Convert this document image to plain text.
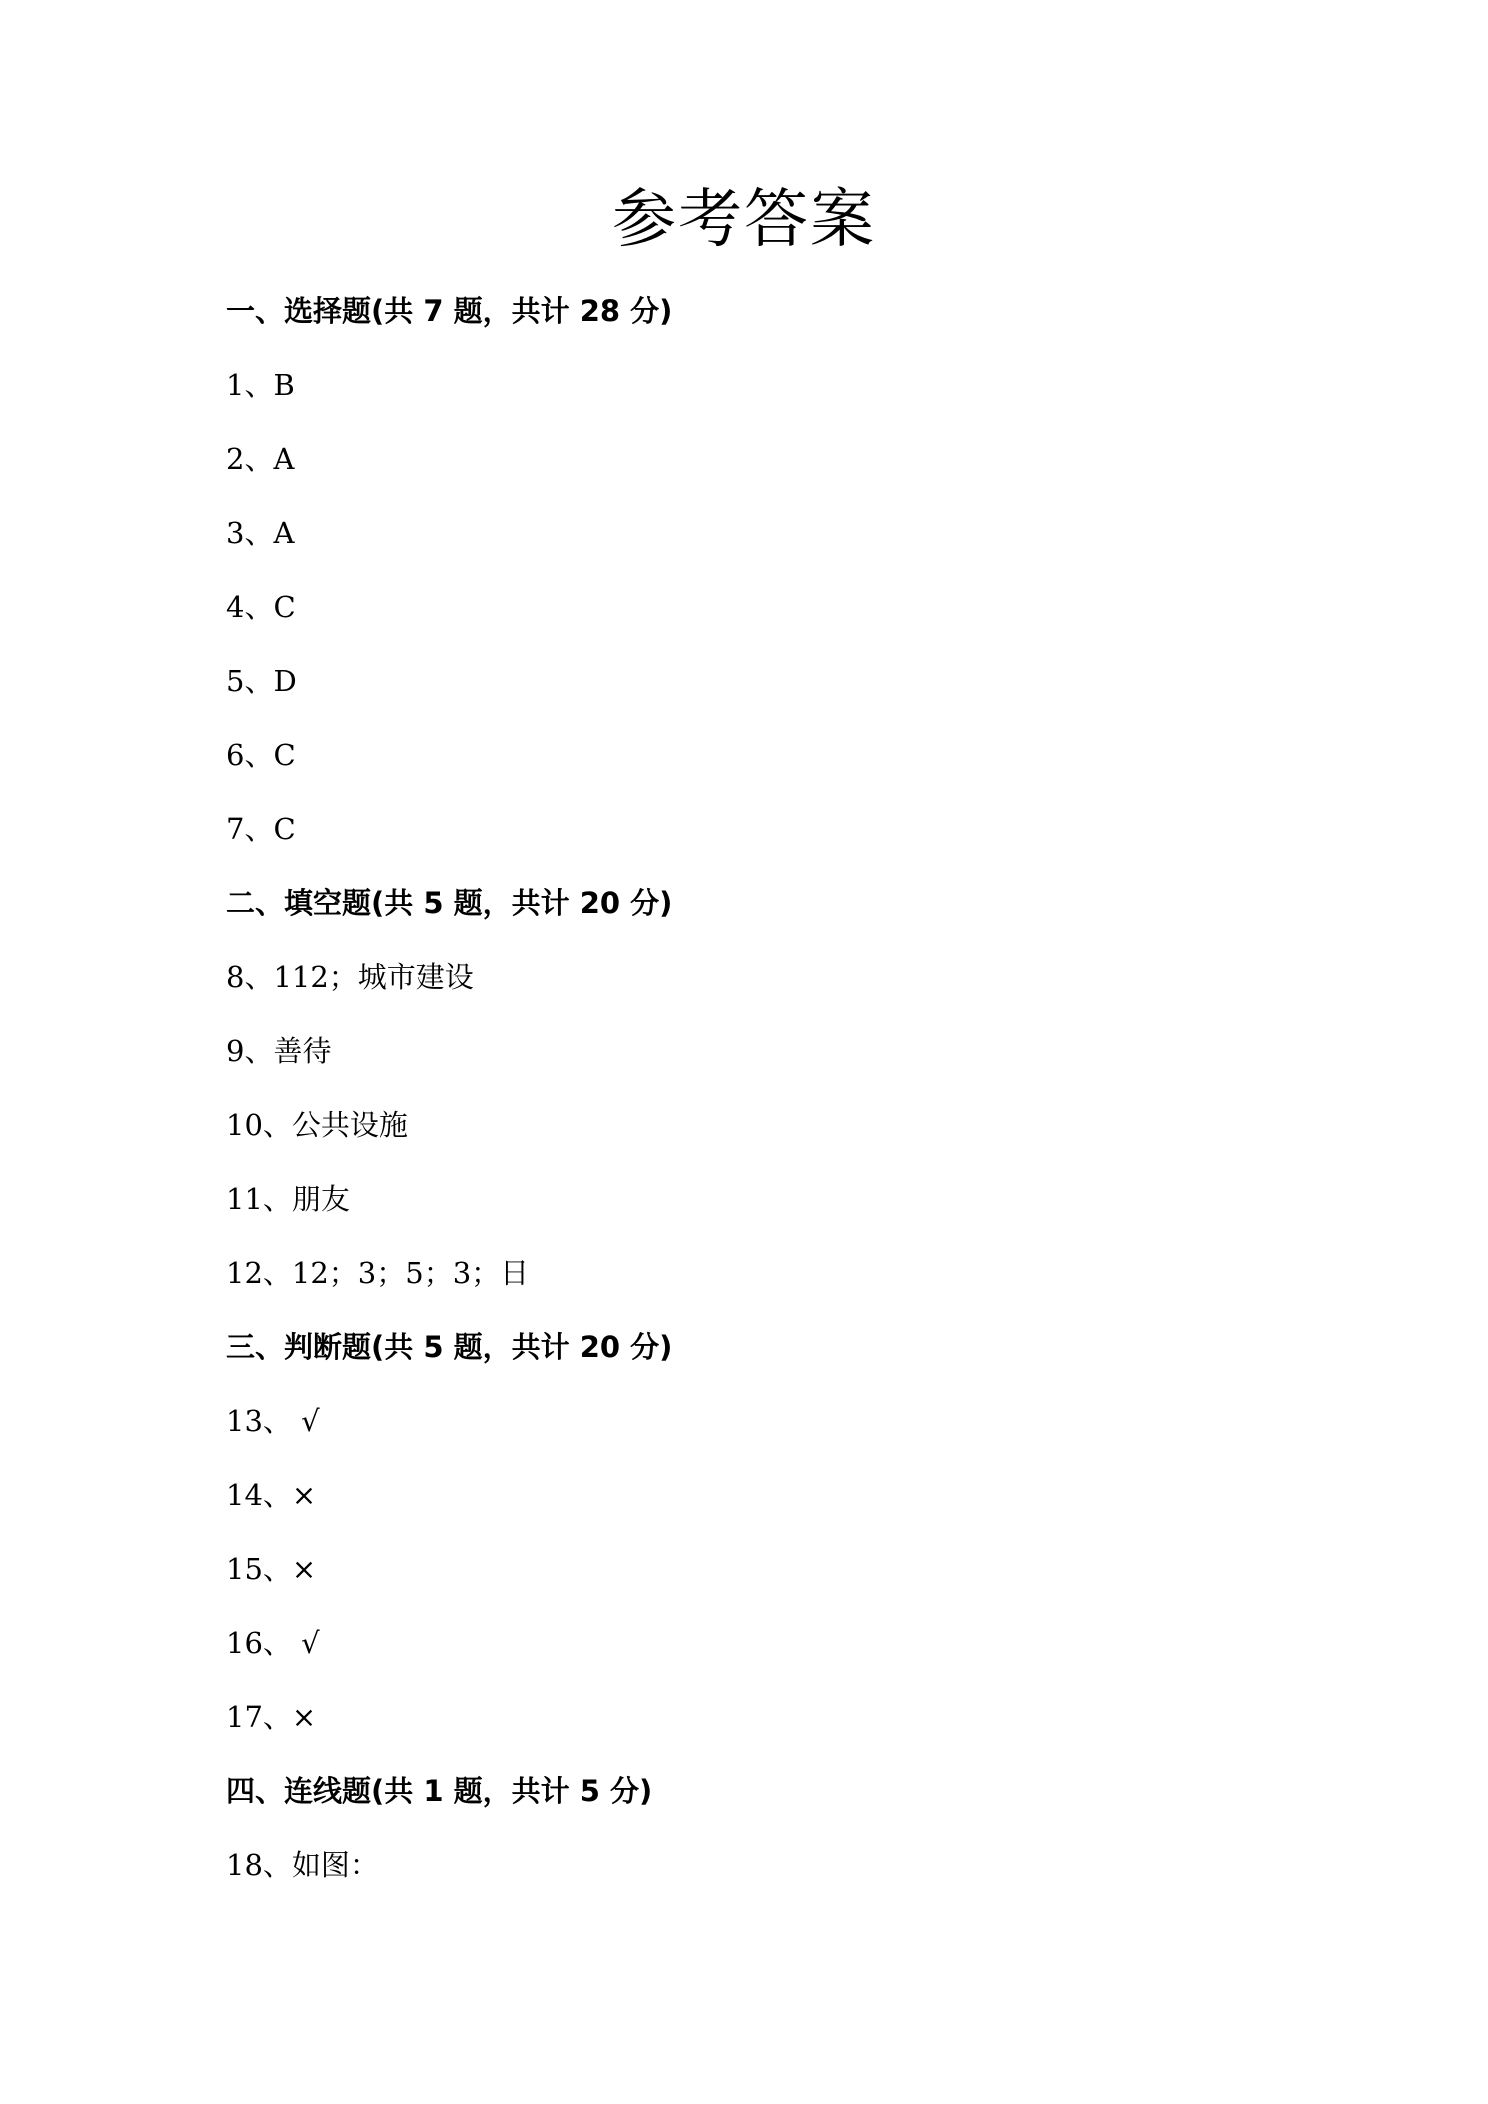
参考答案
一、选择题(共 7 题，共计 28 分)
1、B
2、A
3、A
4、C
5、D
6、C
7、C
二、填空题(共 5 题，共计 20 分)
8、112；城市建设
9、善待
10、公共设施
11、朋友
12、12；3；5；3；日
三、判断题(共 5 题，共计 20 分)
13、 √
14、×
15、×
16、 √
17、×
四、连线题(共 1 题，共计 5 分)
18、如图：
